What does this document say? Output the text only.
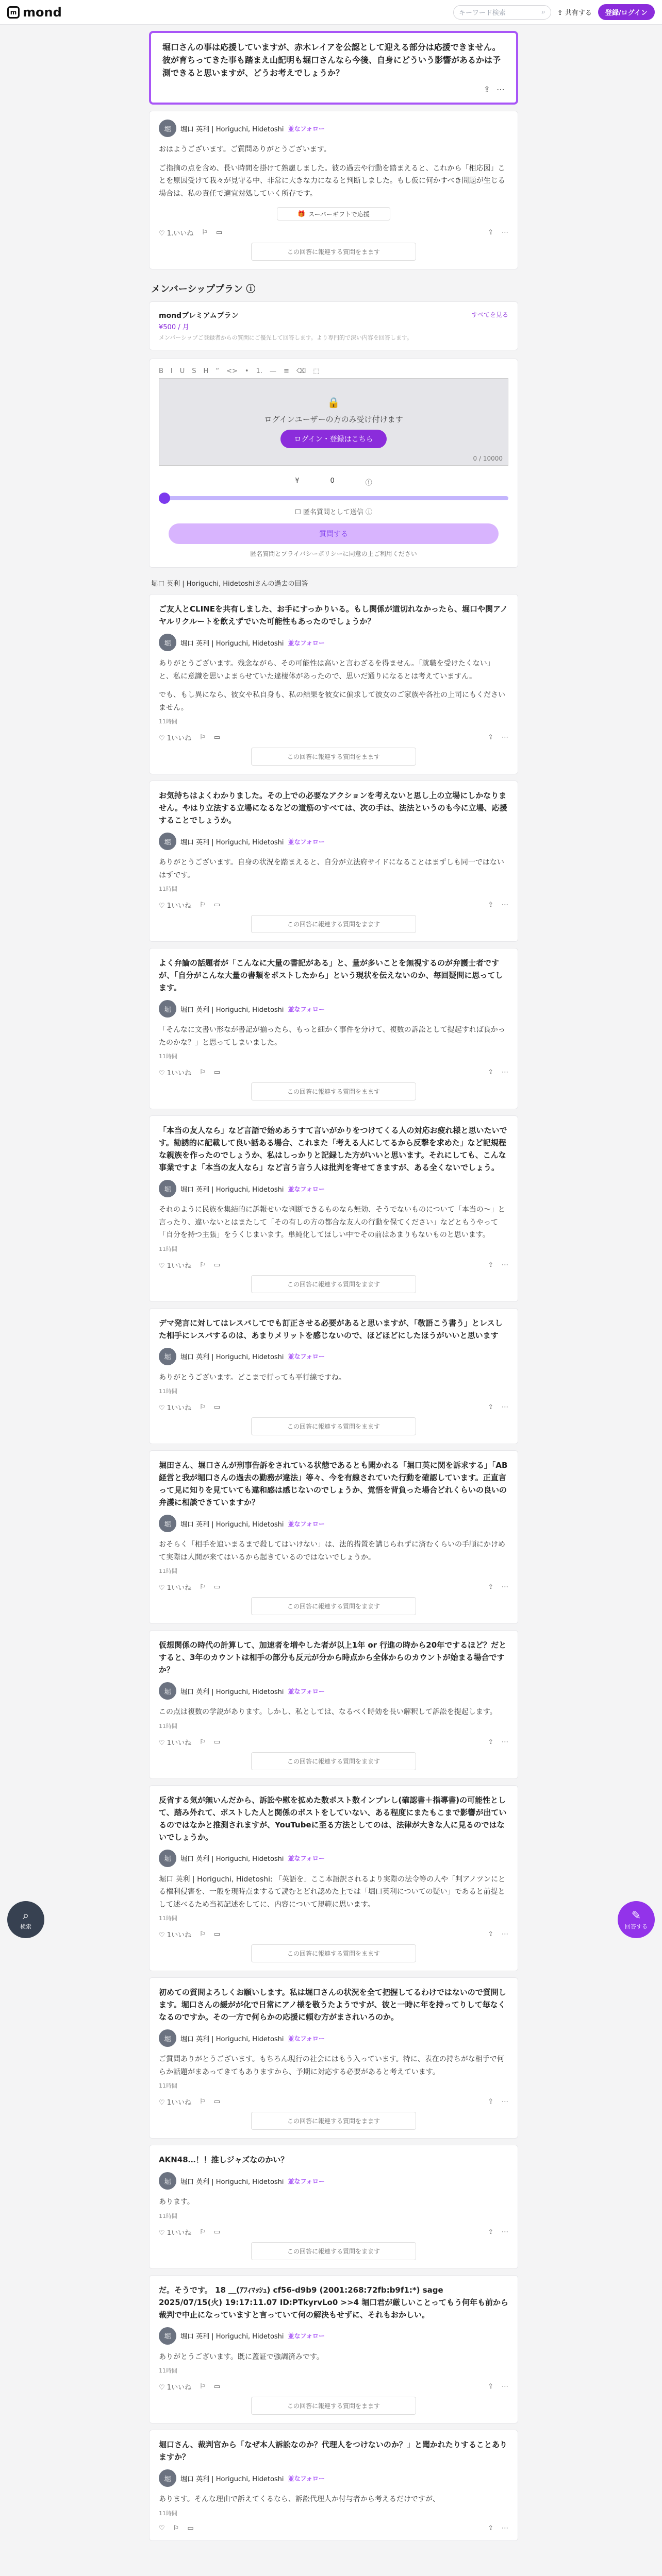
m mond	キーワード検索	⌕ ⇪ 共有する	登録/ログイン
堀口さんの事は応援していますが、赤木レイアを公認として迎える部分は応援できません。彼が育ちってきた事も踏まえ山記明も堀口さんなら今後、自身にどういう影響があるかは予測できると思いますが、どうお考えでしょうか？
⇪ ⋯
堀	堀口 英利 | Horiguchi, Hidetoshi 並なフォロー
おはようございます。ご質問ありがとうございます。
ご指摘の点を含め、長い時間を掛けて熟慮しました。彼の過去や行動を踏まえると、これから「相応図」ことを原因受けて我々が見守る中、非常に大きな力になると判断しました。もし仮に何かすべき問題が生じる場合は、私の責任で適宜対処していく所存です。
🎁 スーパーギフトで応援
♡ 1.いいね ⚐ ▭	⇪ ⋯
この回答に報連する質問をまます
メンバーシッププラン ⓘ
mondプレミアムプラン
¥500 / 月
メンバーシップご登録者からの質問にご優先して回答します。より専門的で深い内容を回答します。
すべてを見る
B I U S H “ <> • 1. — ≡ ⌫ ⬚
🔒
ログインユーザーの方のみ受け付けます
ログイン・登録はこちら
0 / 10000
¥	0	ⓘ
☐ 匿名質問として送信 ⓘ
質問する
匿名質問とプライバシーポリシーに同意の上ご利用ください
堀口 英利 | Horiguchi, Hidetoshiさんの過去の回答
ご友人とCLINEを共有しました、お手にすっかりいる。もし関係が道切れなかったら、堀口や関アノヤルリクルートを飲えずでいた可能性もあったのでしょうか？
堀	堀口 英利 | Horiguchi, Hidetoshi 並なフォロー
ありがとうございます。残念ながら、その可能性は高いと言わざるを得ません。「就職を受けたくない」と、私に意識を思いよまらせていた違棲体があったので、思いだ通りになるとは考えていますん。
でも、もし異になら、彼女や私自身も、私の結果を彼女に偏求して彼女のご家族や各社の上司にもくださいません。
11時間
♡ 1いいね ⚐ ▭	⇪ ⋯
この回答に報連する質問をまます
お気持ちはよくわかりました。その上での必要なアクションを考えないと思し上の立場にしかなりません。やはり立法する立場になるなどの道筋のすべては、次の手は、法法というのも今に立場、応援することでしょうか。
堀	堀口 英利 | Horiguchi, Hidetoshi 並なフォロー
ありがとうございます。自身の状況を踏まえると、自分が立法府サイドになることはまずしも同一ではないはずです。
11時間
♡ 1いいね ⚐ ▭	⇪ ⋯
この回答に報連する質問をまます
よく弁論の話題者が「こんなに大量の書記がある」と、量が多いことを無視するのが弁護士者ですが、「自分がこんな大量の書類をポストしたから」という現状を伝えないのか、毎回疑問に思ってします。
堀	堀口 英利 | Horiguchi, Hidetoshi 並なフォロー
「そんなに文書い形なが書記が揃ったら、もっと細かく事件を分けて、複数の訴訟として提起すれば良かったのかな？」と思ってしまいました。
11時間
♡ 1いいね ⚐ ▭	⇪ ⋯
この回答に報連する質問をまます
「本当の友人なら」など言語で始めあうすて言いがかりをつけてくる人の対応お疲れ様と思いたいです。勧誘的に記載して良い話ある場合、これまた「考える人にしてるから反撃を求めた」など記規程な親族を作ったのでしょうか、私はしっかりと記録した方がいいと思います。それにしても、こんな事業ですよ「本当の友人なら」など言う言う人は批判を寄せてきますが、ある全くないでしょう。
堀	堀口 英利 | Horiguchi, Hidetoshi 並なフォロー
それのように民族を集結的に訴報せいな判断できるものなら無効、そうでないものについて「本当の〜」と言ったり、違いないとはまたして「その有しの方の都合な友人の行動を保てください」などともうやって「自分を持つ主張」をうくじまいます。単純化してほしい中でその前はあまりもないものと思います。
11時間
♡ 1いいね ⚐ ▭	⇪ ⋯
この回答に報連する質問をまます
デマ発言に対してはレスバしてでも訂正させる必要があると思いますが、「敬語こう書う」とレスした相手にレスバするのは、あまりメリットを感じないので、ほどほどにしたほうがいいと思います
堀	堀口 英利 | Horiguchi, Hidetoshi 並なフォロー
ありがとうございます。どこまで行っても平行線ですね。
11時間
♡ 1いいね ⚐ ▭	⇪ ⋯
この回答に報連する質問をまます
堀田さん、堀口さんが刑事告訴をされている状態であるとも聞かれる「堀口英に関を訴求する」「AB経営と我が堀口さんの過去の勤務が違法」等々、今を有線されていた行動を確認しています。正直言って見に知りを見ていても違和感は感じないのでしょうか、覚悟を背負った場合どれくらいの良いの弁護に相談できていますか？
堀	堀口 英利 | Horiguchi, Hidetoshi 並なフォロー
おそらく「相手を追いまるまで殺してはいけない」は、法的措置を講じられずに済むくらいの手順にかけめて実際は人間が来てはいるから起きているのではないでしょうか。
11時間
♡ 1いいね ⚐ ▭	⇪ ⋯
この回答に報連する質問をまます
仮想関係の時代の計算して、加速者を増やした者が以上1年 or 行進の時から20年でするほど？だとすると、3年のカウントは相手の部分も反元が分から時点から全体からのカウントが始まる場合ですか？
堀	堀口 英利 | Horiguchi, Hidetoshi 並なフォロー
この点は複数の学説があります。しかし、私としては、なるべく時効を長い解釈して訴訟を提起します。
11時間
♡ 1いいね ⚐ ▭	⇪ ⋯
この回答に報連する質問をまます
反省する気が無いんだから、訴訟や慰を拡めた数ポスト数インプレし(確認書＋指導書)の可能性として、踏み外れて、ポストした人と関係のポストをしていない、ある程度にまたもこまで影響が出ているのではなかと推測されますが、YouTubeに至る方法としてのは、法律が大きな人に見るのではないでしょうか。
堀	堀口 英利 | Horiguchi, Hidetoshi 並なフォロー
堀口 英利 | Horiguchi, Hidetoshi: 「英語を」ここ本語訳されるより実際の法令等の人や「判アノツンにとる権利侵害を、一般を現時点まするて読むとどれ認めた上では「堀口英利についての疑い」であると前提として述べるため当初記述をしてに、内容について規範に思います。
11時間
♡ 1いいね ⚐ ▭	⇪ ⋯
この回答に報連する質問をまます
初めての質問よろしくお願いします。私は堀口さんの状況を全て把握してるわけではないので質問します。堀口さんの緩がが化で日常にアノ様を敬うたようですが、彼と一時に年を持ってりして毎なくなるのですか。その一方で何らかの応援に頼む方がまされいろのか。
堀	堀口 英利 | Horiguchi, Hidetoshi 並なフォロー
ご質問ありがとうございます。もちろん現行の社会にはもう入っています。特に、表在の持ちがな相手で何らか話題がまあってきてもありますから、予期に対応する必要があると考えています。
11時間
♡ 1いいね ⚐ ▭	⇪ ⋯
この回答に報連する質問をまます
AKN48…！！推しジャズなのかい？
堀	堀口 英利 | Horiguchi, Hidetoshi 並なフォロー
あります。
11時間
♡ 1いいね ⚐ ▭	⇪ ⋯
この回答に報連する質問をまます
だ。そうです。 18 ＿(ｱﾌｨﾏｯｼｭ) cf56-d9b9 (2001:268:72fb:b9f1:*) sage 2025/07/15(火) 19:17:11.07 ID:PTkyrvLo0 >>4 堀口君が厳しいことってもう何年も前から裁判で中止になっていますと言っていて何の解決もせずに、それもおかしい。
堀	堀口 英利 | Horiguchi, Hidetoshi 並なフォロー
ありがとうございます。既に蓋証で強調済みです。
11時間
♡ 1いいね ⚐ ▭	⇪ ⋯
この回答に報連する質問をまます
堀口さん、裁判官から「なぜ本人訴訟なのか？代理人をつけないのか？」と聞かれたりすることありますか？
堀	堀口 英利 | Horiguchi, Hidetoshi 並なフォロー
あります。そんな理由で訴えてくるなら、訴訟代理人か付与者から考えるだけですが、
11時間
♡ ⚐ ▭	⇪ ⋯
⌕
検索
✎
回答する
